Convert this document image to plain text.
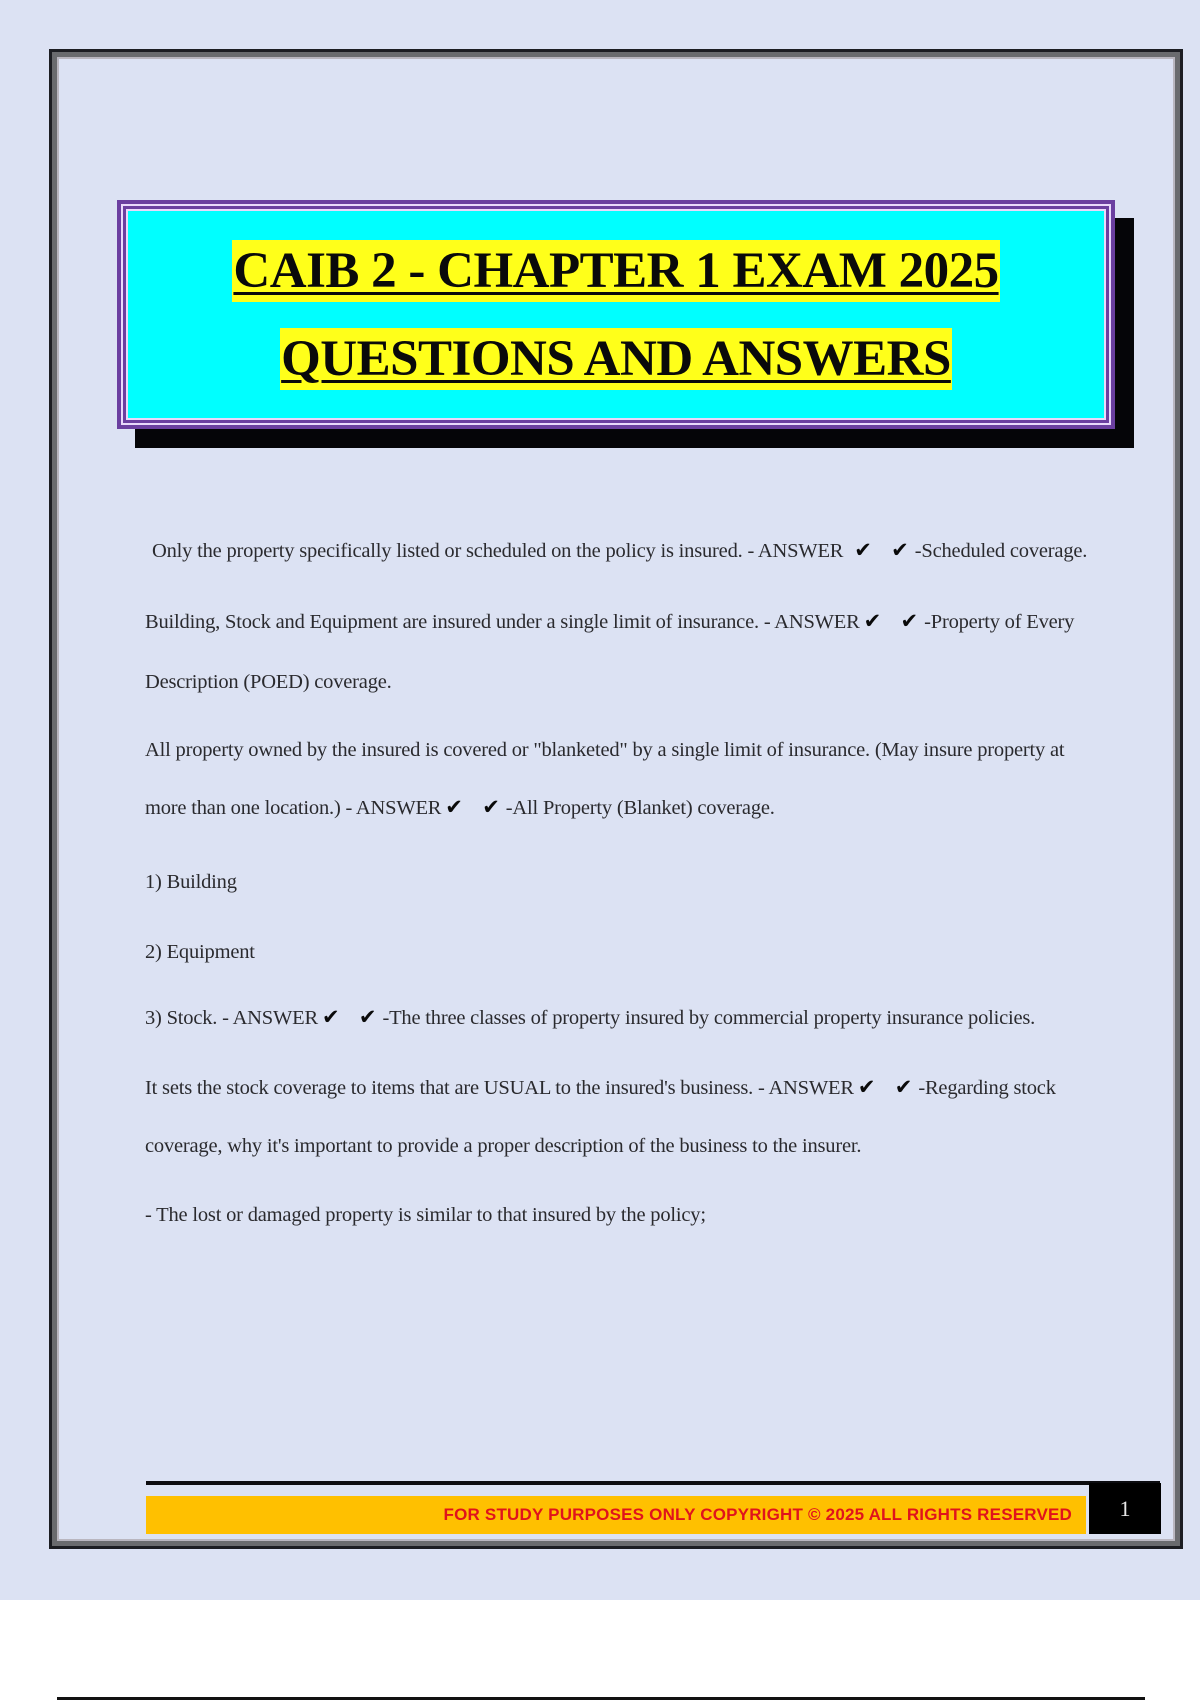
CAIB 2 - CHAPTER 1 EXAM 2025
QUESTIONS AND ANSWERS
Only the property specifically listed or scheduled on the policy is insured. - ANSWER ✔ ✔-Scheduled coverage.
Building, Stock and Equipment are insured under a single limit of insurance. - ANSWER ✔ ✔-Property of Every Description (POED) coverage.
All property owned by the insured is covered or "blanketed" by a single limit of insurance. (May insure property at more than one location.) - ANSWER ✔ ✔-All Property (Blanket) coverage.
1) Building
2) Equipment
3) Stock. - ANSWER ✔ ✔-The three classes of property insured by commercial property insurance policies.
It sets the stock coverage to items that are USUAL to the insured's business. - ANSWER ✔ ✔-Regarding stock coverage, why it's important to provide a proper description of the business to the insurer.
- The lost or damaged property is similar to that insured by the policy;
FOR STUDY PURPOSES ONLY COPYRIGHT © 2025 ALL RIGHTS RESERVED	1
